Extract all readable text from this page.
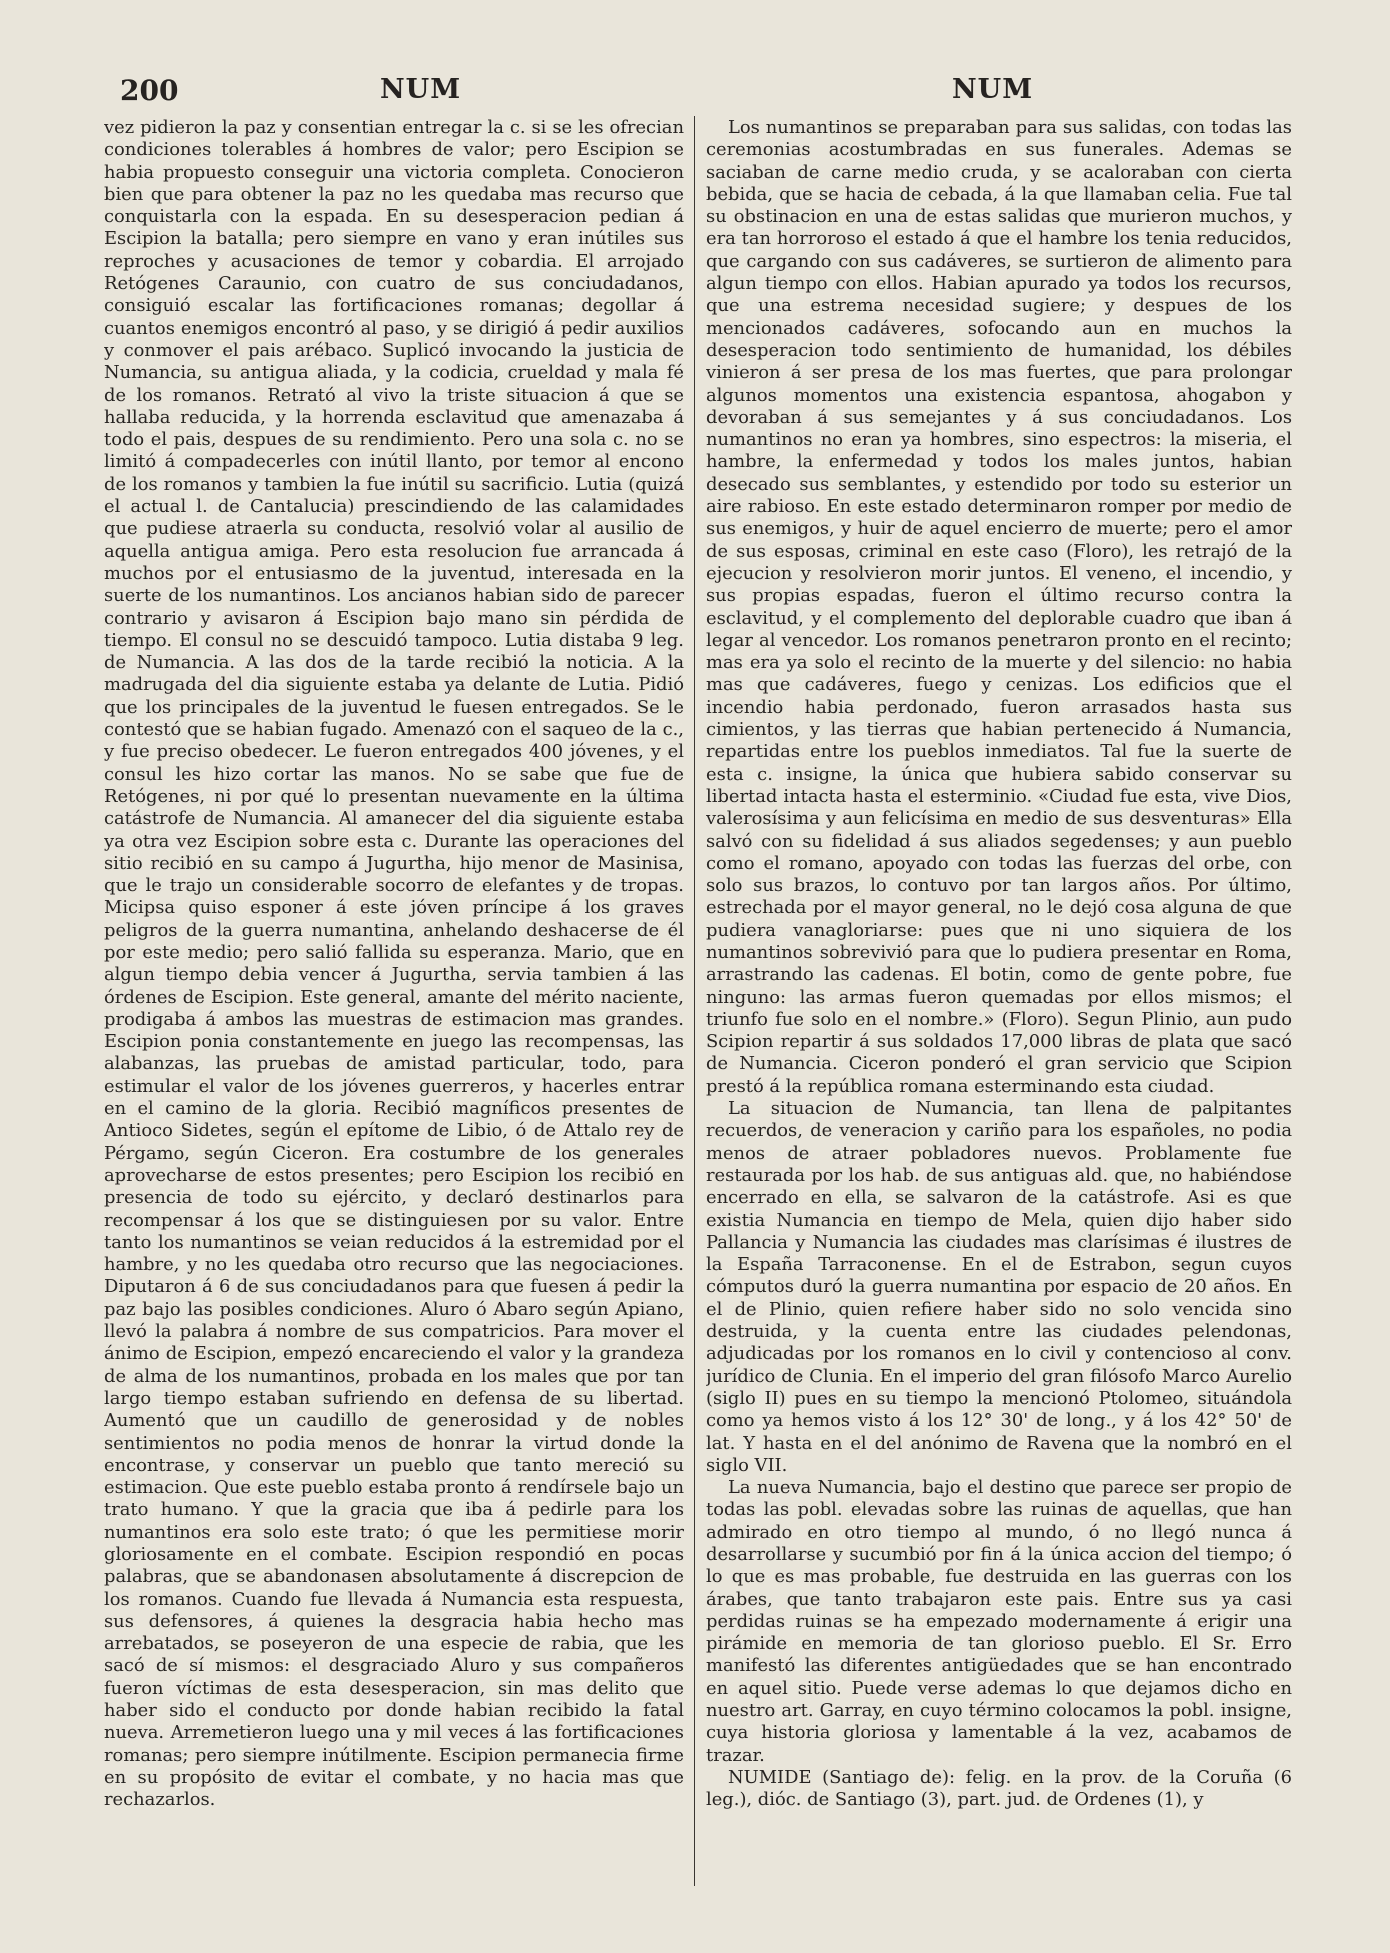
200	NUM	NUM

vez pidieron la paz y consentian entregar la c. si se les ofrecian condiciones tolerables á hombres de valor; pero Escipion se habia propuesto conseguir una victoria completa. Conocieron bien que para obtener la paz no les quedaba mas recurso que conquistarla con la espada. En su desesperacion pedian á Escipion la batalla; pero siempre en vano y eran inútiles sus reproches y acusaciones de temor y cobardia. El arrojado Retógenes Caraunio, con cuatro de sus conciudadanos, consiguió escalar las fortificaciones romanas; degollar á cuantos enemigos encontró al paso, y se dirigió á pedir auxilios y conmover el pais arébaco. Suplicó invocando la justicia de Numancia, su antigua aliada, y la codicia, crueldad y mala fé de los romanos. Retrató al vivo la triste situacion á que se hallaba reducida, y la horrenda esclavitud que amenazaba á todo el pais, despues de su rendimiento. Pero una sola c. no se limitó á compadecerles con inútil llanto, por temor al encono de los romanos y tambien la fue inútil su sacrificio. Lutia (quizá el actual l. de Cantalucia) prescindiendo de las calamidades que pudiese atraerla su conducta, resolvió volar al ausilio de aquella antigua amiga. Pero esta resolucion fue arrancada á muchos por el entusiasmo de la juventud, interesada en la suerte de los numantinos. Los ancianos habian sido de parecer contrario y avisaron á Escipion bajo mano sin pérdida de tiempo. El consul no se descuidó tampoco. Lutia distaba 9 leg. de Numancia. A las dos de la tarde recibió la noticia. A la madrugada del dia siguiente estaba ya delante de Lutia. Pidió que los principales de la juventud le fuesen entregados. Se le contestó que se habian fugado. Amenazó con el saqueo de la c., y fue preciso obedecer. Le fueron entregados 400 jóvenes, y el consul les hizo cortar las manos. No se sabe que fue de Retógenes, ni por qué lo presentan nuevamente en la última catástrofe de Numancia. Al amanecer del dia siguiente estaba ya otra vez Escipion sobre esta c. Durante las operaciones del sitio recibió en su campo á Jugurtha, hijo menor de Masinisa, que le trajo un considerable socorro de elefantes y de tropas. Micipsa quiso esponer á este jóven príncipe á los graves peligros de la guerra numantina, anhelando deshacerse de él por este medio; pero salió fallida su esperanza. Mario, que en algun tiempo debia vencer á Jugurtha, servia tambien á las órdenes de Escipion. Este general, amante del mérito naciente, prodigaba á ambos las muestras de estimacion mas grandes. Escipion ponia constantemente en juego las recompensas, las alabanzas, las pruebas de amistad particular, todo, para estimular el valor de los jóvenes guerreros, y hacerles entrar en el camino de la gloria. Recibió magníficos presentes de Antioco Sidetes, según el epítome de Libio, ó de Attalo rey de Pérgamo, según Ciceron. Era costumbre de los generales aprovecharse de estos presentes; pero Escipion los recibió en presencia de todo su ejército, y declaró destinarlos para recompensar á los que se distinguiesen por su valor. Entre tanto los numantinos se veian reducidos á la estremidad por el hambre, y no les quedaba otro recurso que las negociaciones. Diputaron á 6 de sus conciudadanos para que fuesen á pedir la paz bajo las posibles condiciones. Aluro ó Abaro según Apiano, llevó la palabra á nombre de sus compatricios. Para mover el ánimo de Escipion, empezó encareciendo el valor y la grandeza de alma de los numantinos, probada en los males que por tan largo tiempo estaban sufriendo en defensa de su libertad. Aumentó que un caudillo de generosidad y de nobles sentimientos no podia menos de honrar la virtud donde la encontrase, y conservar un pueblo que tanto mereció su estimacion. Que este pueblo estaba pronto á rendírsele bajo un trato humano. Y que la gracia que iba á pedirle para los numantinos era solo este trato; ó que les permitiese morir gloriosamente en el combate. Escipion respondió en pocas palabras, que se abandonasen absolutamente á discrepcion de los romanos. Cuando fue llevada á Numancia esta respuesta, sus defensores, á quienes la desgracia habia hecho mas arrebatados, se poseyeron de una especie de rabia, que les sacó de sí mismos: el desgraciado Aluro y sus compañeros fueron víctimas de esta desesperacion, sin mas delito que haber sido el conducto por donde habian recibido la fatal nueva. Arremetieron luego una y mil veces á las fortificaciones romanas; pero siempre inútilmente. Escipion permanecia firme en su propósito de evitar el combate, y no hacia mas que rechazarlos.

Los numantinos se preparaban para sus salidas, con todas las ceremonias acostumbradas en sus funerales. Ademas se saciaban de carne medio cruda, y se acaloraban con cierta bebida, que se hacia de cebada, á la que llamaban celia. Fue tal su obstinacion en una de estas salidas que murieron muchos, y era tan horroroso el estado á que el hambre los tenia reducidos, que cargando con sus cadáveres, se surtieron de alimento para algun tiempo con ellos. Habian apurado ya todos los recursos, que una estrema necesidad sugiere; y despues de los mencionados cadáveres, sofocando aun en muchos la desesperacion todo sentimiento de humanidad, los débiles vinieron á ser presa de los mas fuertes, que para prolongar algunos momentos una existencia espantosa, ahogabon y devoraban á sus semejantes y á sus conciudadanos. Los numantinos no eran ya hombres, sino espectros: la miseria, el hambre, la enfermedad y todos los males juntos, habian desecado sus semblantes, y estendido por todo su esterior un aire rabioso. En este estado determinaron romper por medio de sus enemigos, y huir de aquel encierro de muerte; pero el amor de sus esposas, criminal en este caso (Floro), les retrajó de la ejecucion y resolvieron morir juntos. El veneno, el incendio, y sus propias espadas, fueron el último recurso contra la esclavitud, y el complemento del deplorable cuadro que iban á legar al vencedor. Los romanos penetraron pronto en el recinto; mas era ya solo el recinto de la muerte y del silencio: no habia mas que cadáveres, fuego y cenizas. Los edificios que el incendio habia perdonado, fueron arrasados hasta sus cimientos, y las tierras que habian pertenecido á Numancia, repartidas entre los pueblos inmediatos. Tal fue la suerte de esta c. insigne, la única que hubiera sabido conservar su libertad intacta hasta el esterminio. «Ciudad fue esta, vive Dios, valerosísima y aun felicísima en medio de sus desventuras» Ella salvó con su fidelidad á sus aliados segedenses; y aun pueblo como el romano, apoyado con todas las fuerzas del orbe, con solo sus brazos, lo contuvo por tan largos años. Por último, estrechada por el mayor general, no le dejó cosa alguna de que pudiera vanagloriarse: pues que ni uno siquiera de los numantinos sobrevivió para que lo pudiera presentar en Roma, arrastrando las cadenas. El botin, como de gente pobre, fue ninguno: las armas fueron quemadas por ellos mismos; el triunfo fue solo en el nombre.» (Floro). Segun Plinio, aun pudo Scipion repartir á sus soldados 17,000 libras de plata que sacó de Numancia. Ciceron ponderó el gran servicio que Scipion prestó á la república romana esterminando esta ciudad.

La situacion de Numancia, tan llena de palpitantes recuerdos, de veneracion y cariño para los españoles, no podia menos de atraer pobladores nuevos. Problamente fue restaurada por los hab. de sus antiguas ald. que, no habiéndose encerrado en ella, se salvaron de la catástrofe. Asi es que existia Numancia en tiempo de Mela, quien dijo haber sido Pallancia y Numancia las ciudades mas clarísimas é ilustres de la España Tarraconense. En el de Estrabon, segun cuyos cómputos duró la guerra numantina por espacio de 20 años. En el de Plinio, quien refiere haber sido no solo vencida sino destruida, y la cuenta entre las ciudades pelendonas, adjudicadas por los romanos en lo civil y contencioso al conv. jurídico de Clunia. En el imperio del gran filósofo Marco Aurelio (siglo II) pues en su tiempo la mencionó Ptolomeo, situándola como ya hemos visto á los 12° 30' de long., y á los 42° 50' de lat. Y hasta en el del anónimo de Ravena que la nombró en el siglo VII.

La nueva Numancia, bajo el destino que parece ser propio de todas las pobl. elevadas sobre las ruinas de aquellas, que han admirado en otro tiempo al mundo, ó no llegó nunca á desarrollarse y sucumbió por fin á la única accion del tiempo; ó lo que es mas probable, fue destruida en las guerras con los árabes, que tanto trabajaron este pais. Entre sus ya casi perdidas ruinas se ha empezado modernamente á erigir una pirámide en memoria de tan glorioso pueblo. El Sr. Erro manifestó las diferentes antigüedades que se han encontrado en aquel sitio. Puede verse ademas lo que dejamos dicho en nuestro art. Garray, en cuyo término colocamos la pobl. insigne, cuya historia gloriosa y lamentable á la vez, acabamos de trazar.

NUMIDE (Santiago de): felig. en la prov. de la Coruña (6 leg.), dióc. de Santiago (3), part. jud. de Ordenes (1), y
